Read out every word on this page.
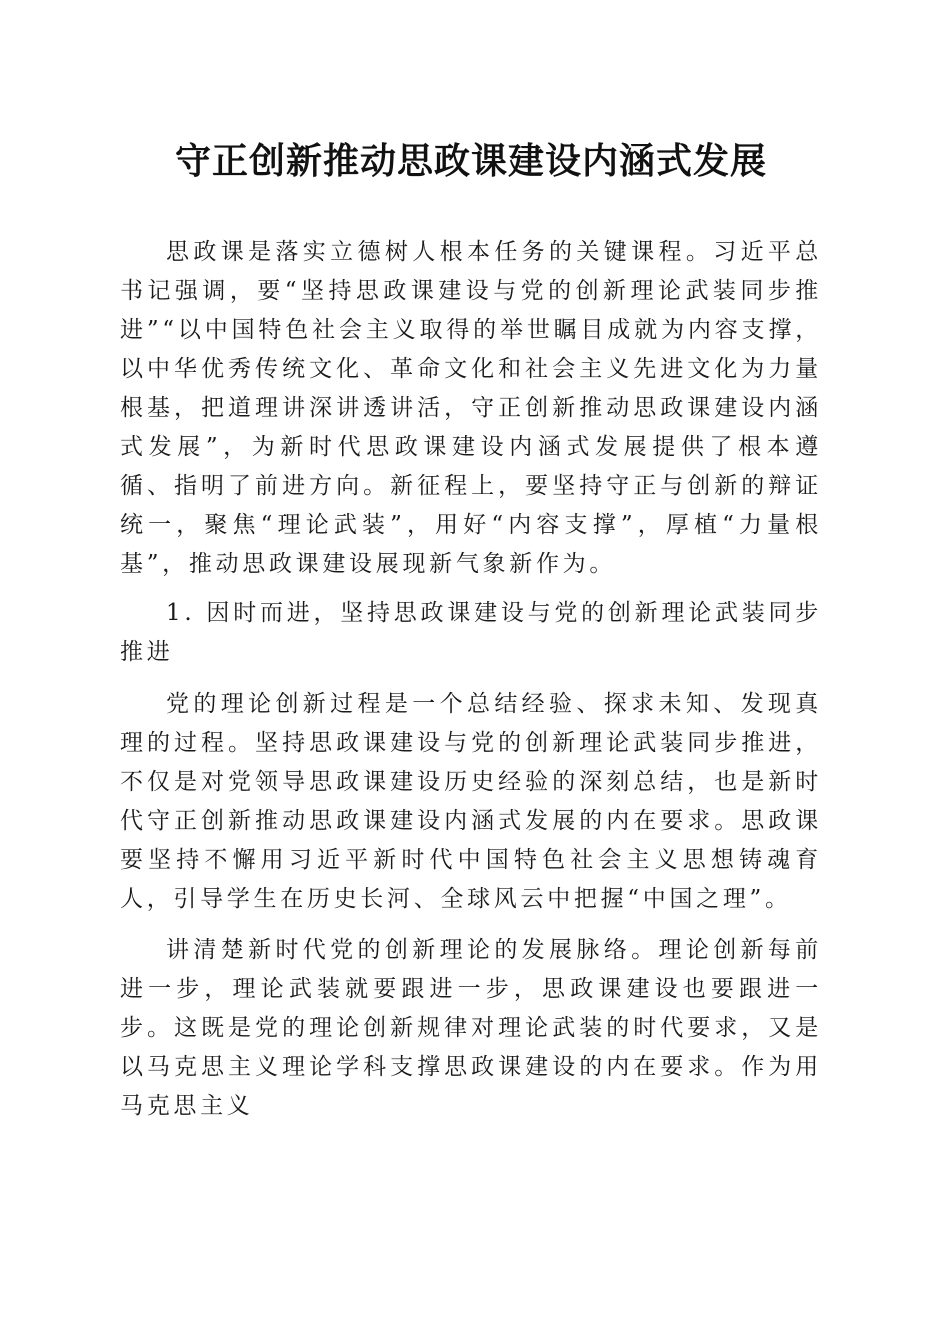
守正创新推动思政课建设内涵式发展

思政课是落实立德树人根本任务的关键课程。习近平总书记强调，要“坚持思政课建设与党的创新理论武装同步推进”“以中国特色社会主义取得的举世瞩目成就为内容支撑，以中华优秀传统文化、革命文化和社会主义先进文化为力量根基，把道理讲深讲透讲活，守正创新推动思政课建设内涵式发展”，为新时代思政课建设内涵式发展提供了根本遵循、指明了前进方向。新征程上，要坚持守正与创新的辩证统一，聚焦“理论武装”，用好“内容支撑”，厚植“力量根基”，推动思政课建设展现新气象新作为。

1. 因时而进，坚持思政课建设与党的创新理论武装同步推进

党的理论创新过程是一个总结经验、探求未知、发现真理的过程。坚持思政课建设与党的创新理论武装同步推进，不仅是对党领导思政课建设历史经验的深刻总结，也是新时代守正创新推动思政课建设内涵式发展的内在要求。思政课要坚持不懈用习近平新时代中国特色社会主义思想铸魂育人，引导学生在历史长河、全球风云中把握“中国之理”。

讲清楚新时代党的创新理论的发展脉络。理论创新每前进一步，理论武装就要跟进一步，思政课建设也要跟进一步。这既是党的理论创新规律对理论武装的时代要求，又是以马克思主义理论学科支撑思政课建设的内在要求。作为用马克思主义
